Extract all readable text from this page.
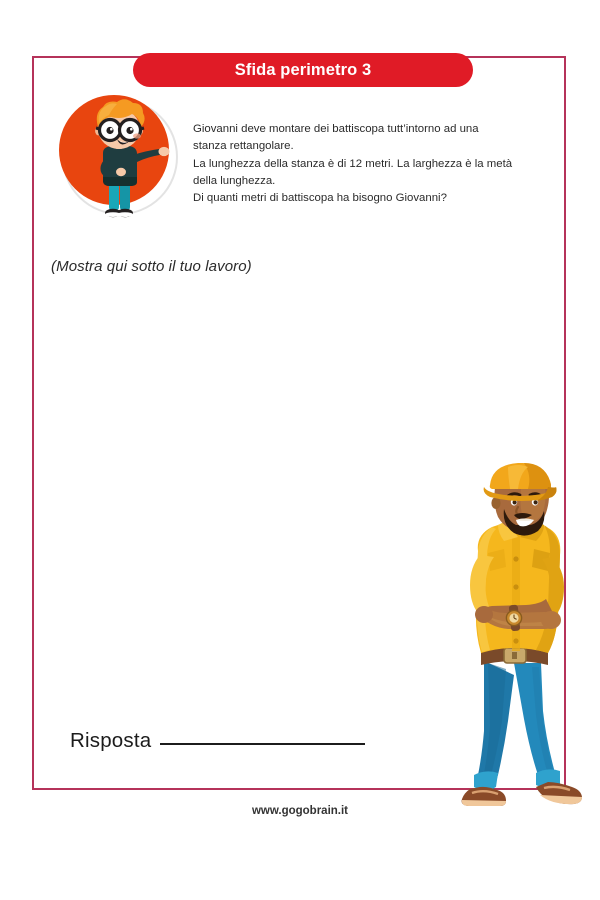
Sfida perimetro 3

Giovanni deve montare dei battiscopa tutt’intorno ad una

stanza rettangolare.

La lunghezza della stanza è di 12 metri. La larghezza è la metà

della lunghezza.

Di quanti metri di battiscopa ha bisogno Giovanni?

(Mostra qui sotto il tuo lavoro)
Risposta
www.gogobrain.it
